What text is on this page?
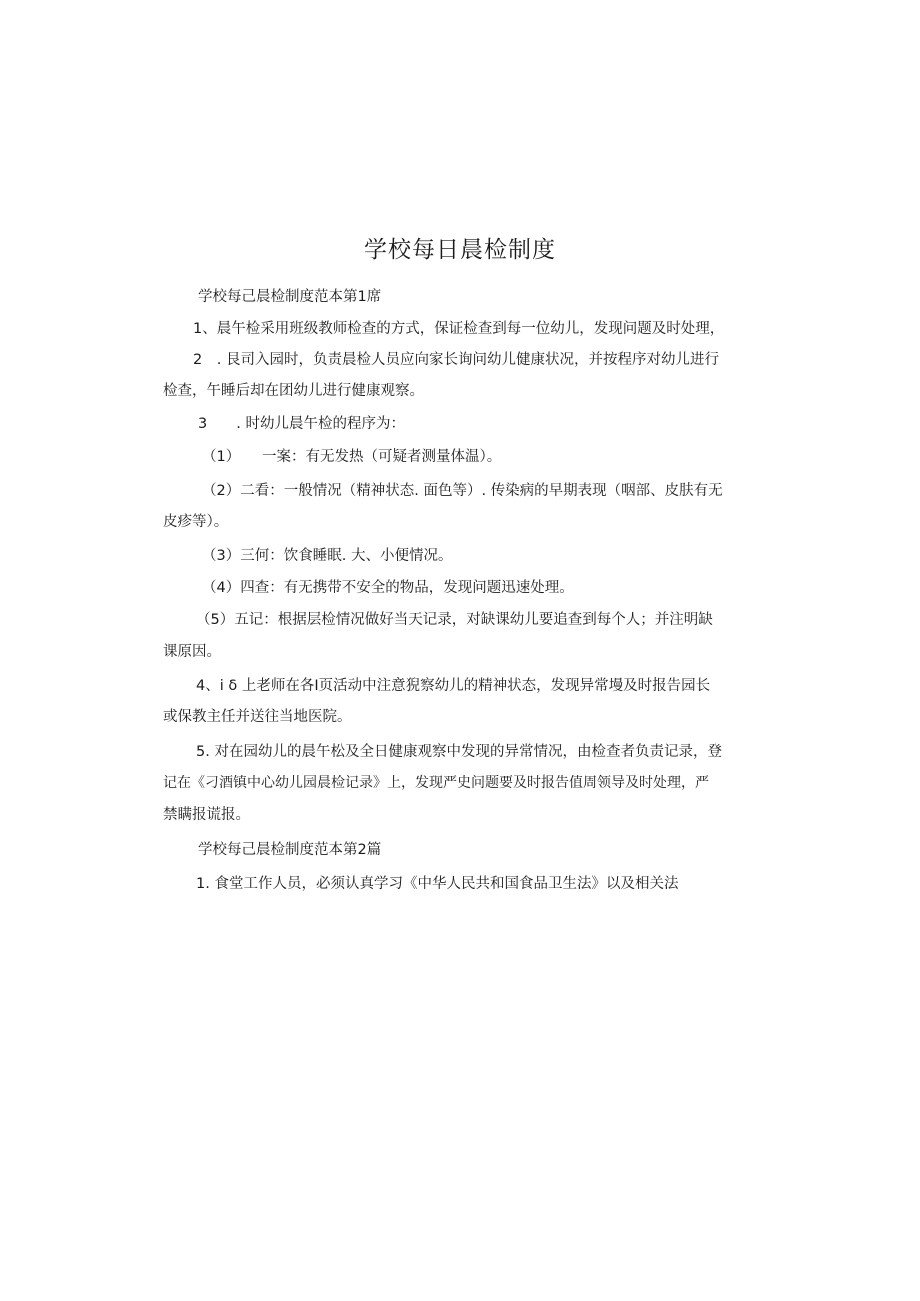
学校每日晨检制度
学校每己晨检制度范本第1席
1、晨午检采用班级教师检查的方式，保证检查到每一位幼儿，发现问题及时处理，
2　. 艮司入园时，负责晨检人员应向家长询问幼儿健康状况，并按程序对幼儿进行
检查，午睡后却在团幼儿进行健康观察。
3　　. 时幼儿晨午检的程序为：
（1）　　一案：有无发热（可疑者测量体温）。
（2）二看：一般情况（精神状态. 面色等）. 传染病的早期表现（咽部、皮肤有无
皮疹等）。
（3）三何：饮食睡眠. 大、小便情况。
（4）四查：有无携带不安全的物品，发现问题迅速处理。
（5）五记：根据层检情况做好当天记录，对缺课幼儿要追查到每个人；并注明缺
课原因。
4、i δ 上老师在各I页活动中注意猊察幼儿的精神状态，发现异常墁及时报告园长
或保教主任并送往当地医院。
5. 对在园幼儿的晨午松及全日健康观察中发现的异常情况，由检查者负责记录，登
记在《刁酒镇中心幼儿园晨检记录》上，发现严史问题要及时报告值周领导及时处理，严
禁瞒报谎报。
学校每己晨检制度范本第2篇
1. 食堂工作人员，必须认真学习《中华人民共和国食品卫生法》以及相关法
